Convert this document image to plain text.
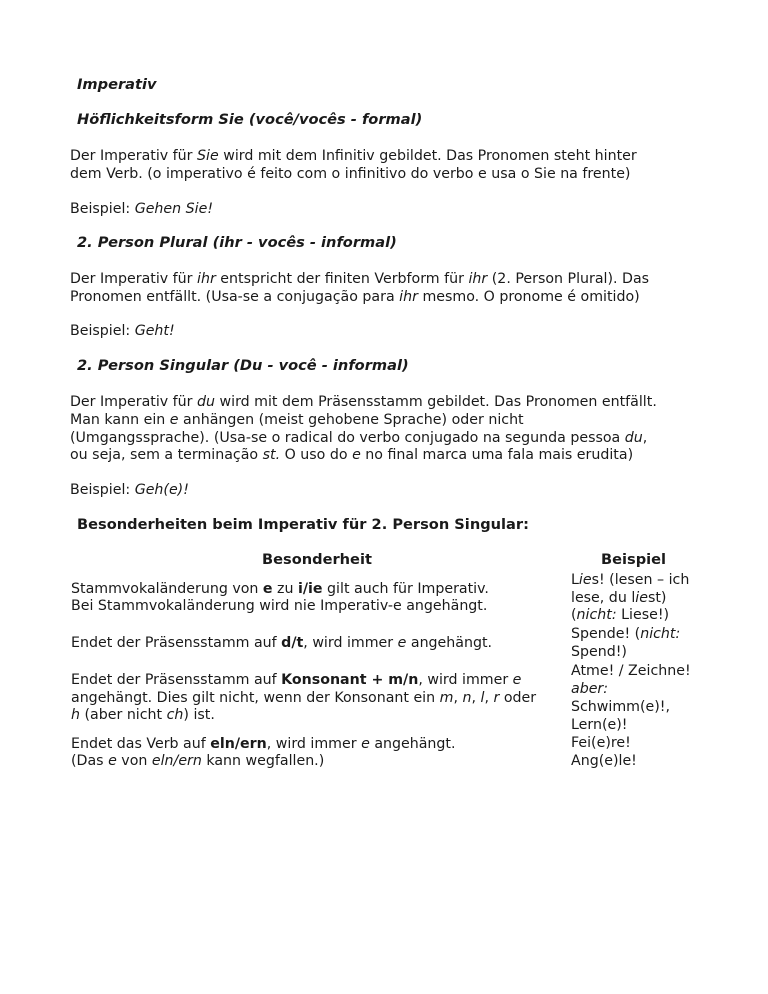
Imperativ
Höflichkeitsform Sie (você/vocês - formal)
Der Imperativ für Sie wird mit dem Infinitiv gebildet. Das Pronomen steht hinter
dem Verb. (o imperativo é feito com o infinitivo do verbo e usa o Sie na frente)
Beispiel: Gehen Sie!
2. Person Plural (ihr - vocês - informal)
Der Imperativ für ihr entspricht der finiten Verbform für ihr (2. Person Plural). Das
Pronomen entfällt. (Usa-se a conjugação para ihr mesmo. O pronome é omitido)
Beispiel: Geht!
2. Person Singular (Du - você - informal)
Der Imperativ für du wird mit dem Präsensstamm gebildet. Das Pronomen entfällt.
Man kann ein e anhängen (meist gehobene Sprache) oder nicht
(Umgangssprache). (Usa-se o radical do verbo conjugado na segunda pessoa du,
ou seja, sem a terminação st. O uso do e no final marca uma fala mais erudita)
Beispiel: Geh(e)!
Besonderheiten beim Imperativ für 2. Person Singular:
Besonderheit	Beispiel
Stammvokaländerung von e zu i/ie gilt auch für Imperativ.
Bei Stammvokaländerung wird nie Imperativ-e angehängt.
Lies! (lesen – ich
lese, du liest)
(nicht: Liese!)
Endet der Präsensstamm auf d/t, wird immer e angehängt.
Spende! (nicht:
Spend!)
Endet der Präsensstamm auf Konsonant + m/n, wird immer e
angehängt. Dies gilt nicht, wenn der Konsonant ein m, n, l, r oder
h (aber nicht ch) ist.
Atme! / Zeichne!
aber:
Schwimm(e)!,
Lern(e)!
Endet das Verb auf eln/ern, wird immer e angehängt.
(Das e von eln/ern kann wegfallen.)
Fei(e)re!
Ang(e)le!
